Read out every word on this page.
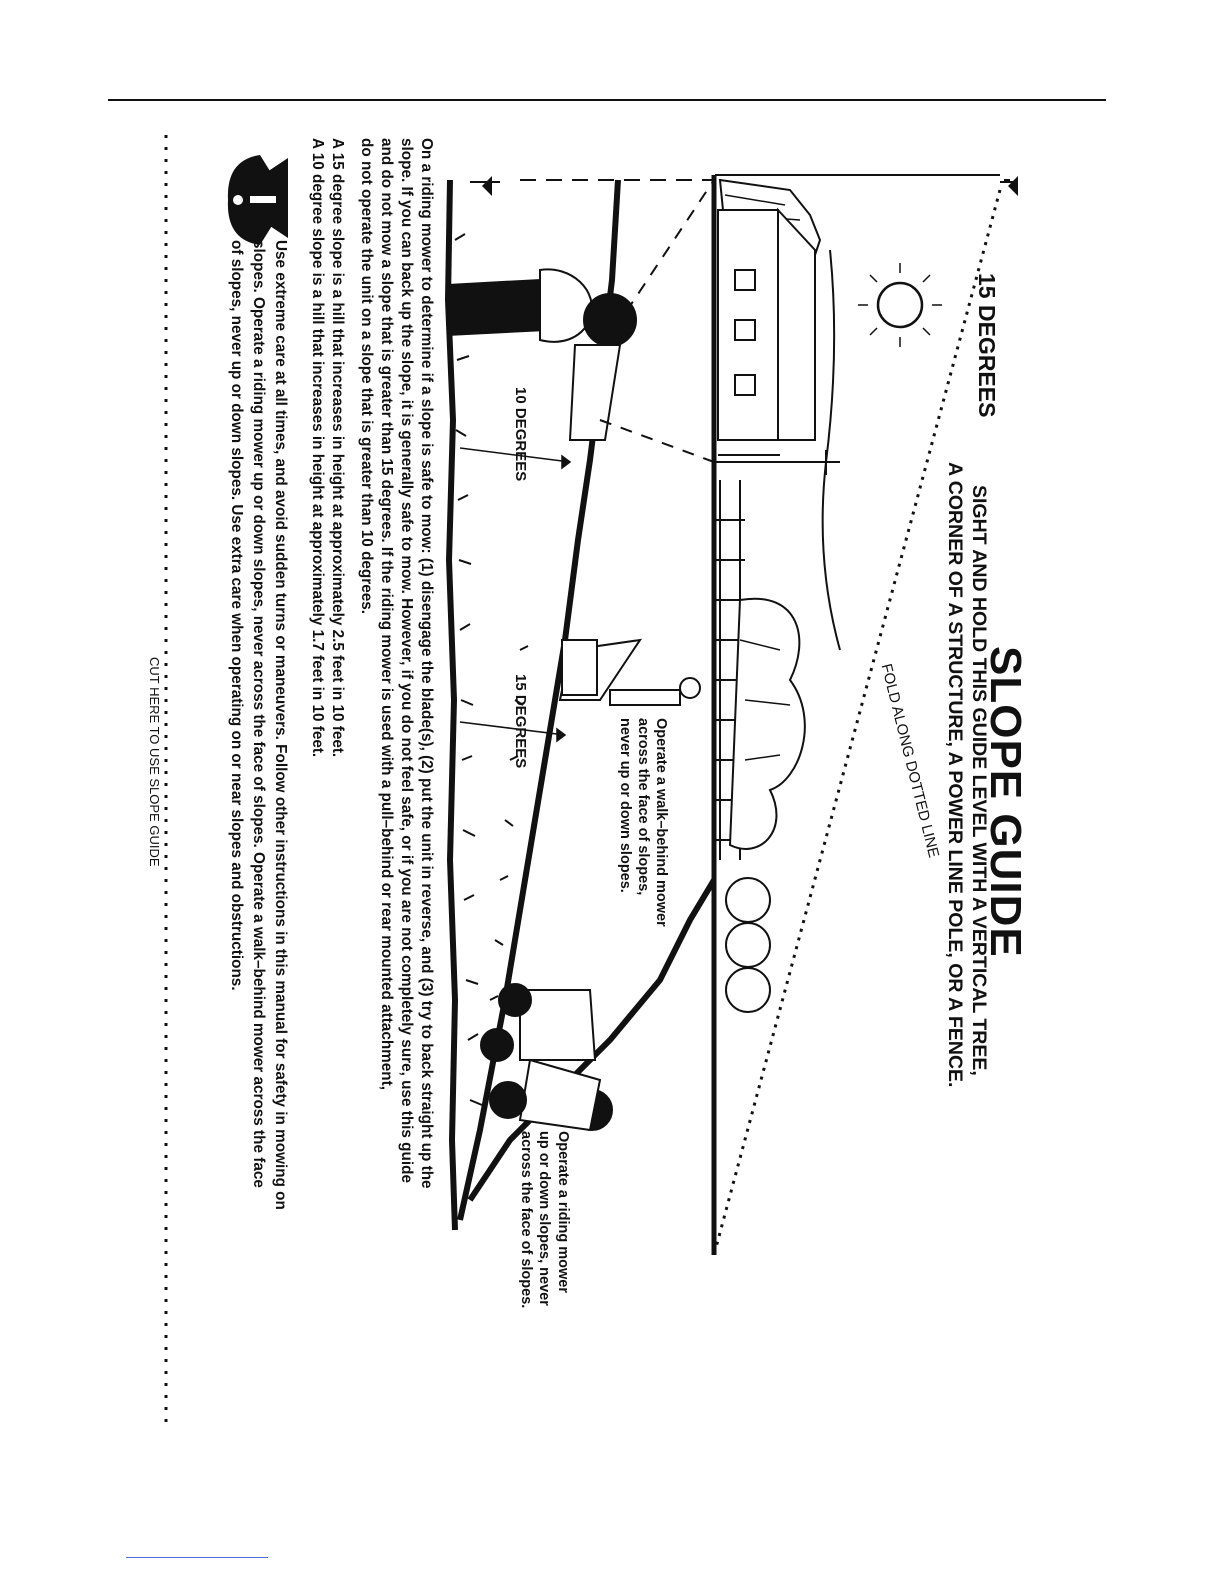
SLOPE GUIDE
SIGHT AND HOLD THIS GUIDE LEVEL WITH A VERTICAL TREE,
A CORNER OF A STRUCTURE, A POWER LINE POLE, OR A FENCE.
15 DEGREES
FOLD ALONG DOTTED LINE
10 DEGREES
15 DEGREES	Operate a walk–behind mower
across the face of slopes,
never up or down slopes.
Operate a riding mower
up or down slopes, never
across the face of slopes.
On a riding mower to determine if a slope is safe to mow: (1) disengage the blade(s), (2) put the unit in reverse, and (3) try to back straight up the
slope. If you can back up the slope, it is generally safe to mow. However, if you do not feel safe, or if you are not completely sure, use this guide
and do not mow a slope that is greater than 15 degrees. If the riding mower is used with a pull–behind or rear mounted attachment,
do not operate the unit on a slope that is greater than 10 degrees.
A 15 degree slope is a hill that increases in height at approximately 2.5 feet in 10 feet.
A 10 degree slope is a hill that increases in height at approximately 1.7 feet in 10 feet.
Use extreme care at all times, and avoid sudden turns or maneuvers. Follow other instructions in this manual for safety in mowing on
slopes. Operate a riding mower up or down slopes, never across the face of slopes. Operate a walk–behind mower across the face
of slopes, never up or down slopes. Use extra care when operating on or near slopes and obstructions.
CUT HERE TO USE SLOPE GUIDE
